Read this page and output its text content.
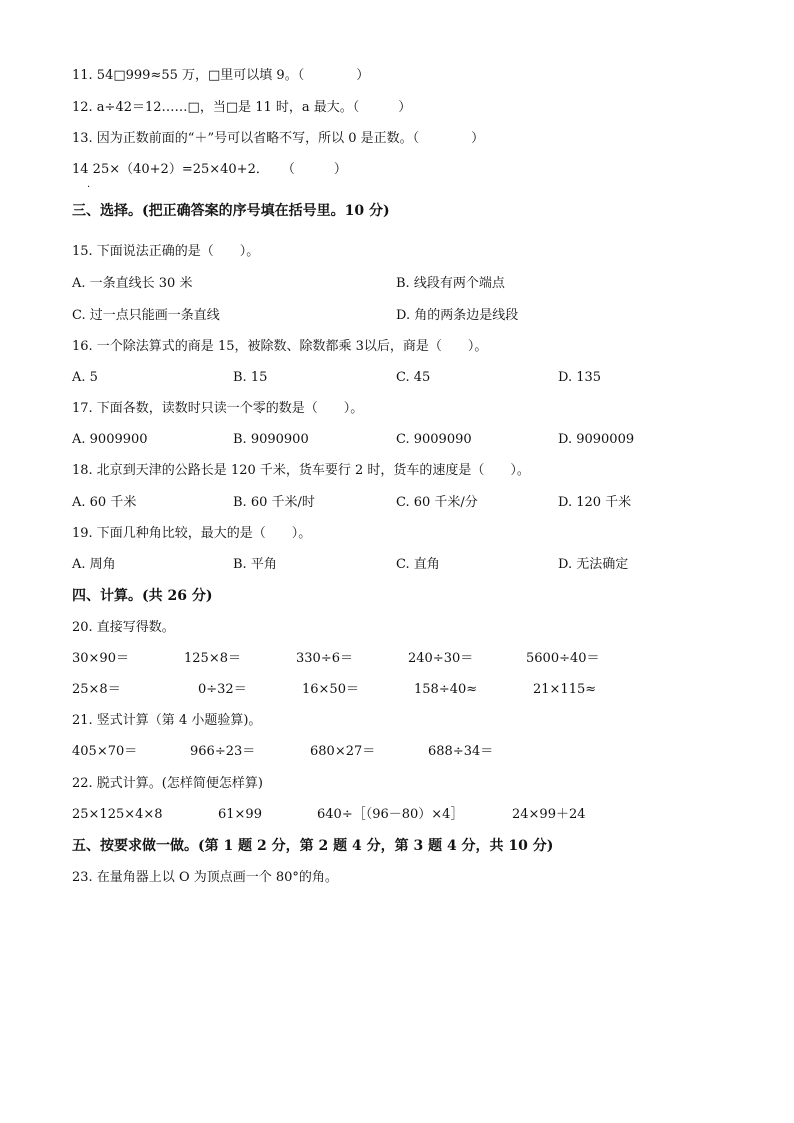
11. 54□999≈55 万，□里可以填 9。（　　　　）
12. a÷42＝12……□，当□是 11 时，a 最大。（　　　）
13. 因为正数前面的“＋”号可以省略不写，所以 0 是正数。（　　　　）
14 25×（40+2）=25×40+2．　　（　　　）
·
三、选择。(把正确答案的序号填在括号里。10 分)
15. 下面说法正确的是（　　）。
A. 一条直线长 30 米	B. 线段有两个端点
C. 过一点只能画一条直线	D. 角的两条边是线段
16. 一个除法算式的商是 15，被除数、除数都乘 3以后，商是（　　）。
A. 5	B. 15	C. 45	D. 135
17. 下面各数，读数时只读一个零的数是（　　）。
A. 9009900	B. 9090900	C. 9009090	D. 9090009
18. 北京到天津的公路长是 120 千米，货车要行 2 时，货车的速度是（　　）。
A. 60 千米	B. 60 千米/时	C. 60 千米/分	D. 120 千米
19. 下面几种角比较，最大的是（　　）。
A. 周角	B. 平角	C. 直角	D. 无法确定
四、计算。(共 26 分)
20. 直接写得数。
30×90＝	125×8＝	330÷6＝	240÷30＝	5600÷40＝
25×8＝	0÷32＝	16×50＝	158÷40≈	21×115≈
21. 竖式计算（第 4 小题验算)。
405×70＝	966÷23＝	680×27＝	688÷34＝
22. 脱式计算。(怎样简便怎样算)
25×125×4×8	61×99	640÷［（96－80）×4］	24×99＋24
五、按要求做一做。(第 1 题 2 分，第 2 题 4 分，第 3 题 4 分，共 10 分)
23. 在量角器上以 O 为顶点画一个 80°的角。
